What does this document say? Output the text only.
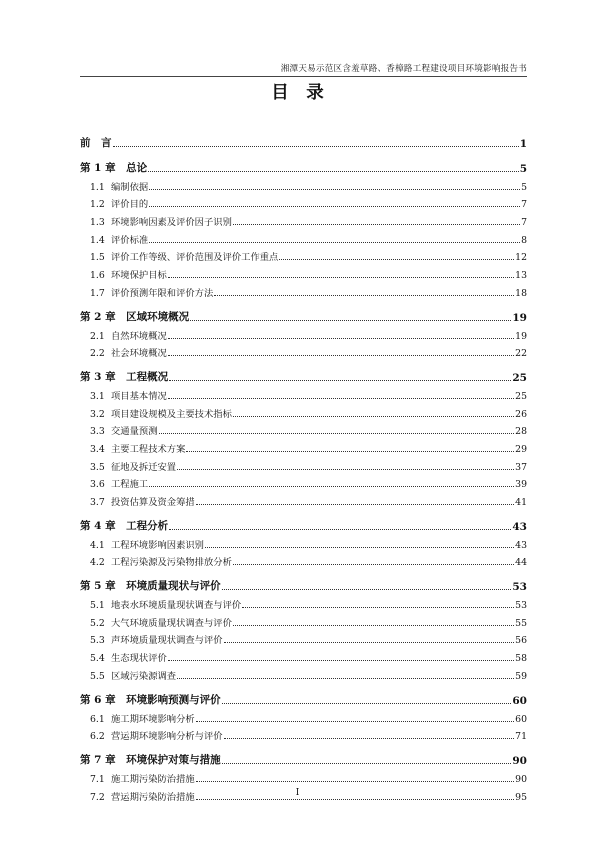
湘潭天易示范区含羞草路、香樟路工程建设项目环境影响报告书
目　录
前　言	1
第 1 章　总论	5
1.1 编制依据	5
1.2 评价目的	7
1.3 环境影响因素及评价因子识别	7
1.4 评价标准	8
1.5 评价工作等级、评价范围及评价工作重点	12
1.6 环境保护目标	13
1.7 评价预测年限和评价方法	18
第 2 章　区域环境概况	19
2.1 自然环境概况	19
2.2 社会环境概况	22
第 3 章　工程概况	25
3.1 项目基本情况	25
3.2 项目建设规模及主要技术指标	26
3.3 交通量预测	28
3.4 主要工程技术方案	29
3.5 征地及拆迁安置	37
3.6 工程施工	39
3.7 投资估算及资金筹措	41
第 4 章　工程分析	43
4.1 工程环境影响因素识别	43
4.2 工程污染源及污染物排放分析	44
第 5 章　环境质量现状与评价	53
5.1 地表水环境质量现状调查与评价	53
5.2 大气环境质量现状调查与评价	55
5.3 声环境质量现状调查与评价	56
5.4 生态现状评价	58
5.5 区域污染源调查	59
第 6 章　环境影响预测与评价	60
6.1 施工期环境影响分析	60
6.2 营运期环境影响分析与评价	71
第 7 章　环境保护对策与措施	90
7.1 施工期污染防治措施	90
7.2 营运期污染防治措施	95
I
